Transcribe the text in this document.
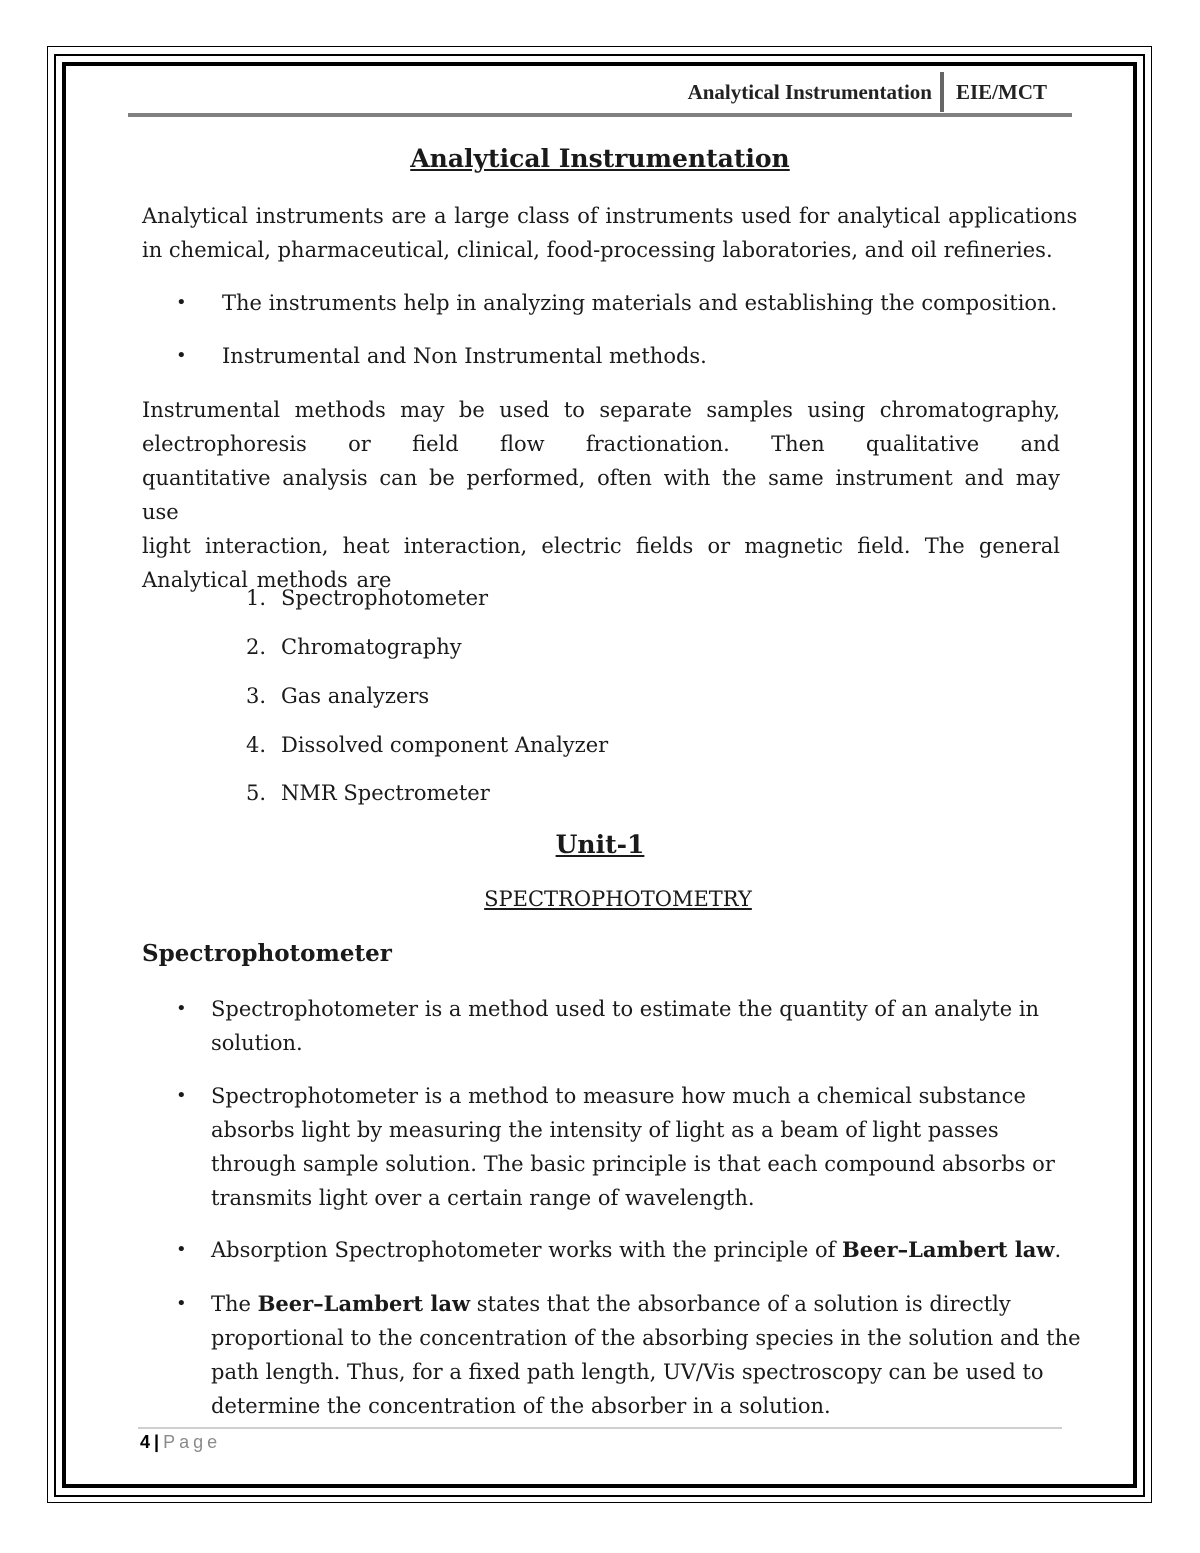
Analytical Instrumentation EIE/MCT
Analytical Instrumentation
Analytical instruments are a large class of instruments used for analytical applications
in chemical, pharmaceutical, clinical, food-processing laboratories, and oil refineries.
• The instruments help in analyzing materials and establishing the composition.
• Instrumental and Non Instrumental methods.
Instrumental methods may be used to separate samples using chromatography,
electrophoresis or field flow fractionation. Then qualitative and
quantitative analysis can be performed, often with the same instrument and may use
light interaction, heat interaction, electric fields or magnetic field. The general
Analytical methods are
1. Spectrophotometer
2. Chromatography
3. Gas analyzers
4. Dissolved component Analyzer
5. NMR Spectrometer
Unit-1
SPECTROPHOTOMETRY
Spectrophotometer
• Spectrophotometer is a method used to estimate the quantity of an analyte in
solution.
• Spectrophotometer is a method to measure how much a chemical substance
absorbs light by measuring the intensity of light as a beam of light passes
through sample solution. The basic principle is that each compound absorbs or
transmits light over a certain range of wavelength.
• Absorption Spectrophotometer works with the principle of Beer–Lambert law.
• The Beer–Lambert law states that the absorbance of a solution is directly
proportional to the concentration of the absorbing species in the solution and the
path length. Thus, for a fixed path length, UV/Vis spectroscopy can be used to
determine the concentration of the absorber in a solution.
4 | Page
